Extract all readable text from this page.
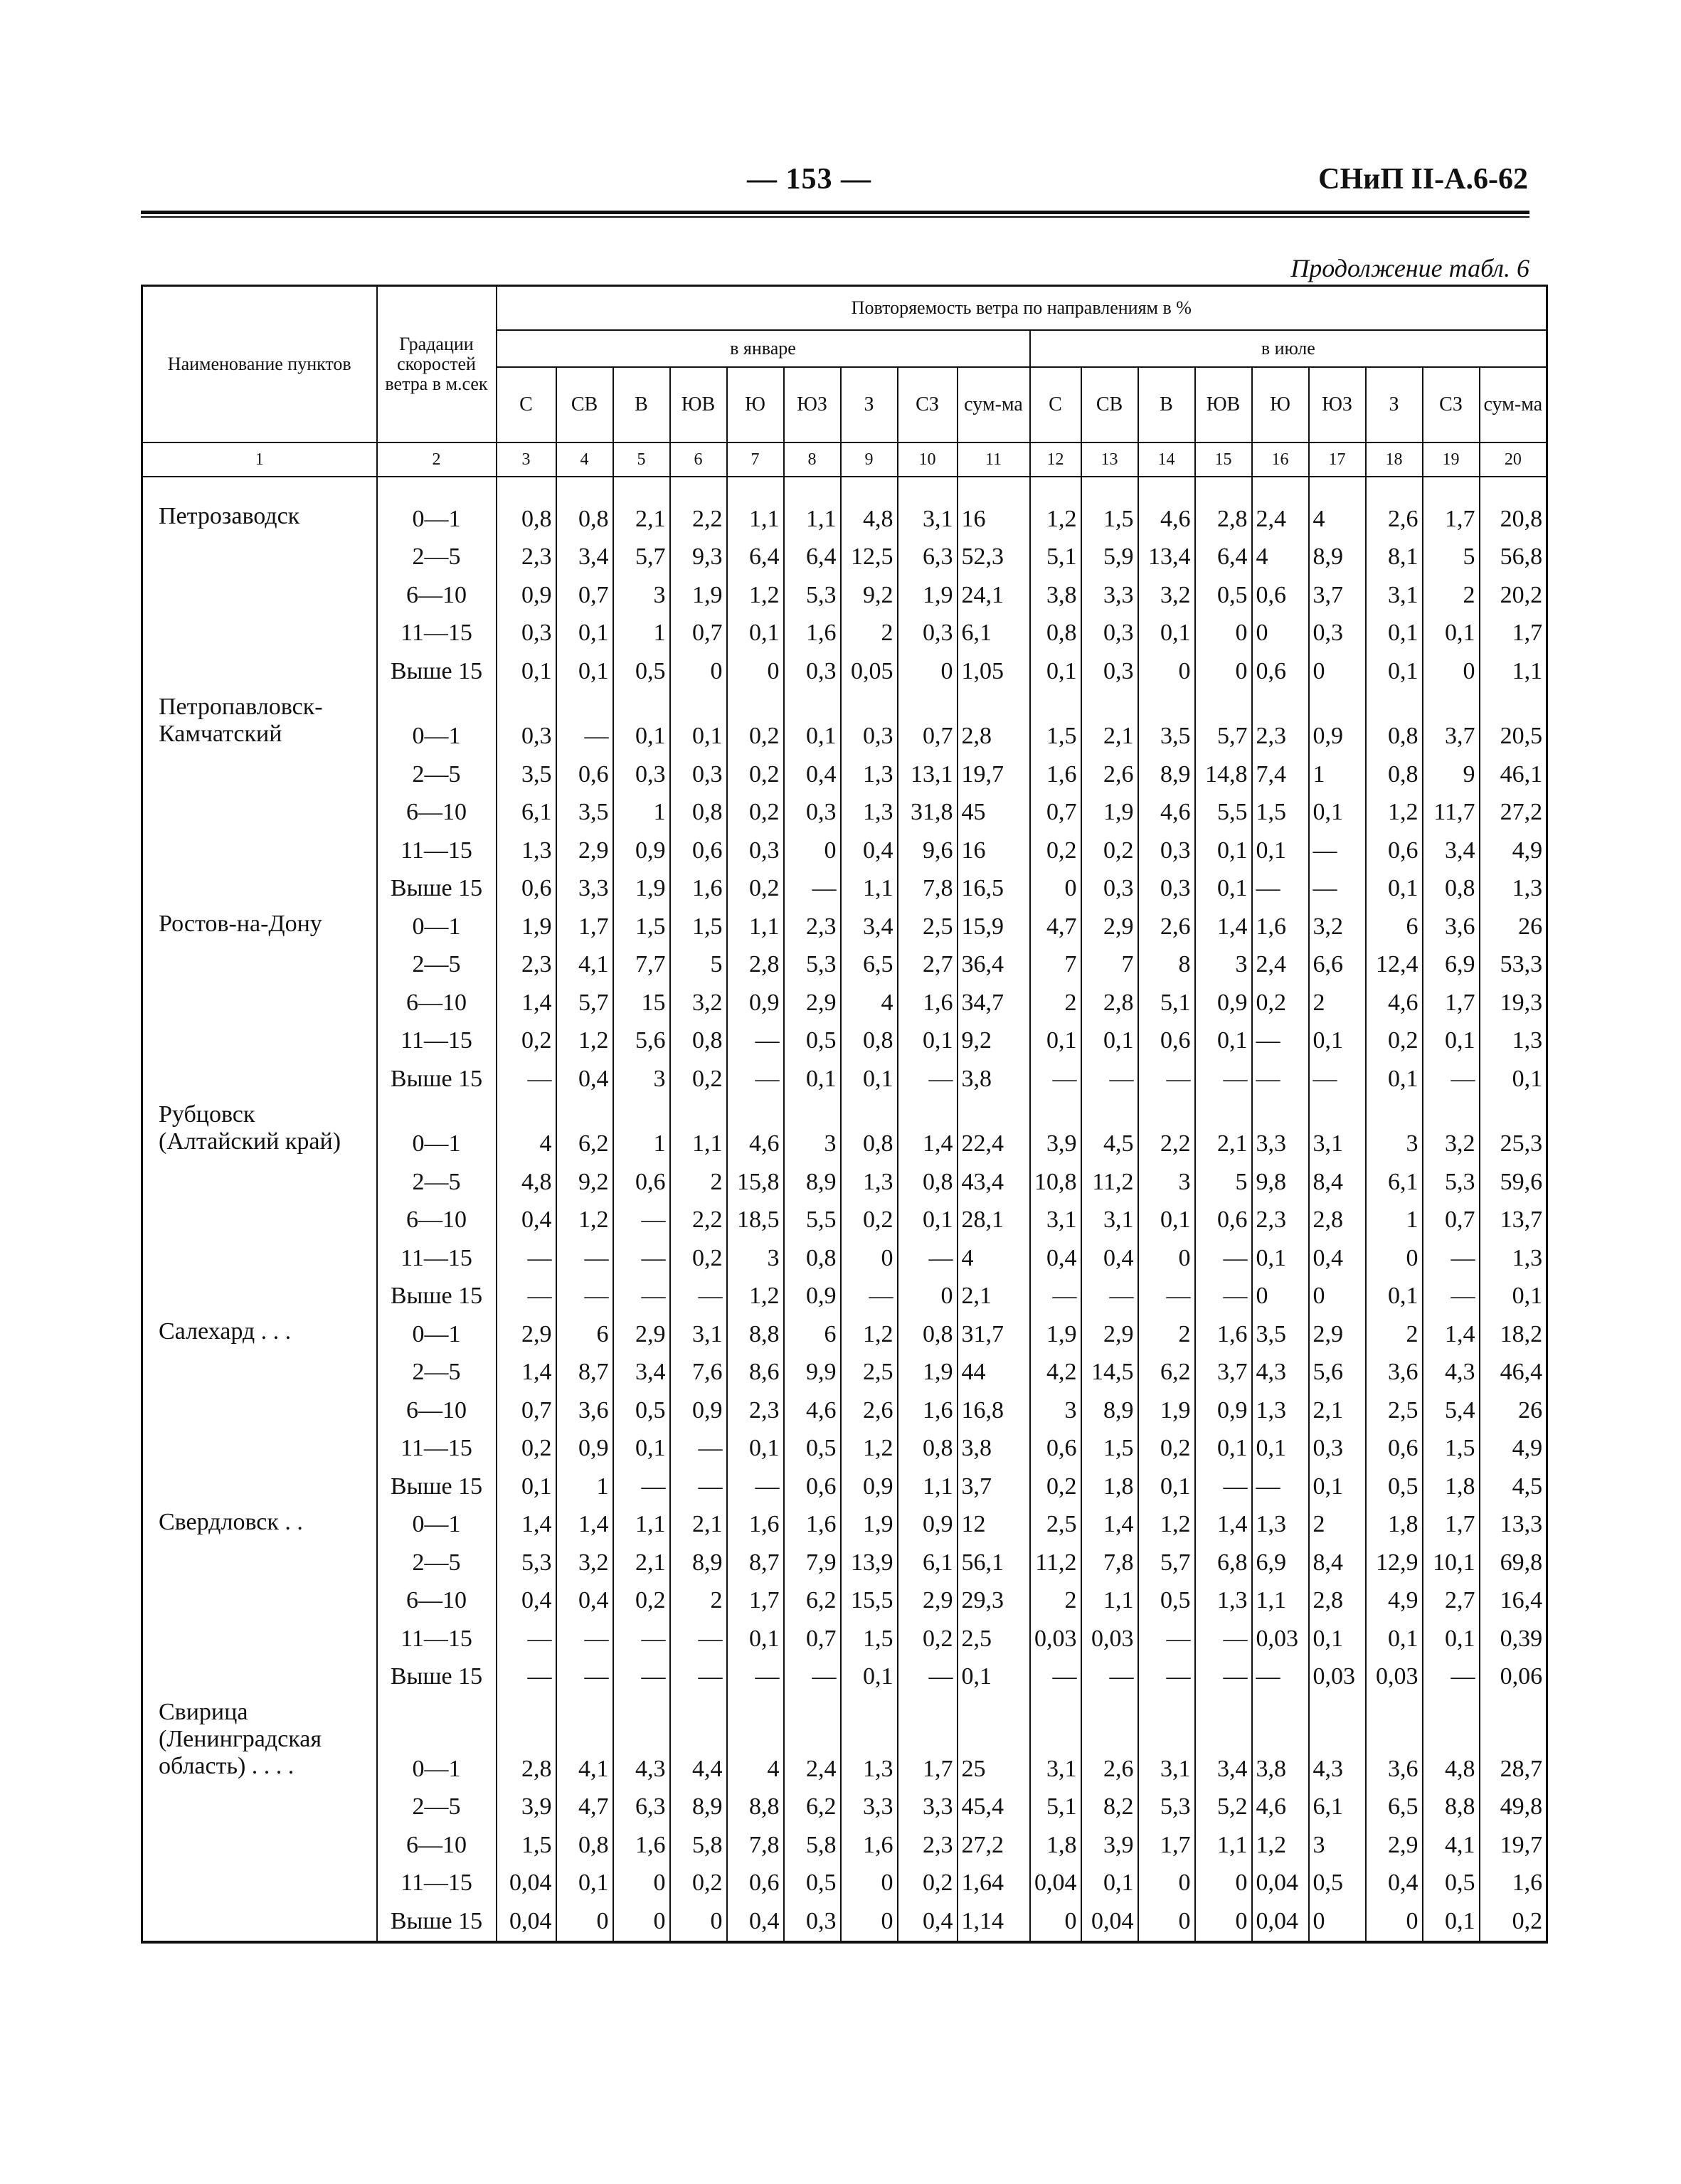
— 153 —	СНиП II-А.6-62
Продолжение табл. 6
Наименование пунктов	Градации скоростей ветра в м.сек	Повторяемость ветра по направлениям в %																	
		в январе									в июле								
		С	СВ	В	ЮВ	Ю	ЮЗ	З	СЗ	сум-ма	С	СВ	В	ЮВ	Ю	ЮЗ	З	СЗ	сум-ма
1	2	3	4	5	6	7	8	9	10	11	12	13	14	15	16	17	18	19	20

Петрозаводск	0—1	0,8	0,8	2,1	2,2	1,1	1,1	4,8	3,1	16	1,2	1,5	4,6	2,8	2,4	4	2,6	1,7	20,8
	2—5	2,3	3,4	5,7	9,3	6,4	6,4	12,5	6,3	52,3	5,1	5,9	13,4	6,4	4	8,9	8,1	5	56,8
	6—10	0,9	0,7	3	1,9	1,2	5,3	9,2	1,9	24,1	3,8	3,3	3,2	0,5	0,6	3,7	3,1	2	20,2
	11—15	0,3	0,1	1	0,7	0,1	1,6	2	0,3	6,1	0,8	0,3	0,1	0	0	0,3	0,1	0,1	1,7
	Выше 15	0,1	0,1	0,5	0	0	0,3	0,05	0	1,05	0,1	0,3	0	0	0,6	0	0,1	0	1,1
Петропавловск-Камчатский																			
	0—1	0,3	—	0,1	0,1	0,2	0,1	0,3	0,7	2,8	1,5	2,1	3,5	5,7	2,3	0,9	0,8	3,7	20,5
	2—5	3,5	0,6	0,3	0,3	0,2	0,4	1,3	13,1	19,7	1,6	2,6	8,9	14,8	7,4	1	0,8	9	46,1
	6—10	6,1	3,5	1	0,8	0,2	0,3	1,3	31,8	45	0,7	1,9	4,6	5,5	1,5	0,1	1,2	11,7	27,2
	11—15	1,3	2,9	0,9	0,6	0,3	0	0,4	9,6	16	0,2	0,2	0,3	0,1	0,1	—	0,6	3,4	4,9
	Выше 15	0,6	3,3	1,9	1,6	0,2	—	1,1	7,8	16,5	0	0,3	0,3	0,1	—	—	0,1	0,8	1,3
Ростов-на-Дону	0—1	1,9	1,7	1,5	1,5	1,1	2,3	3,4	2,5	15,9	4,7	2,9	2,6	1,4	1,6	3,2	6	3,6	26
	2—5	2,3	4,1	7,7	5	2,8	5,3	6,5	2,7	36,4	7	7	8	3	2,4	6,6	12,4	6,9	53,3
	6—10	1,4	5,7	15	3,2	0,9	2,9	4	1,6	34,7	2	2,8	5,1	0,9	0,2	2	4,6	1,7	19,3
	11—15	0,2	1,2	5,6	0,8	—	0,5	0,8	0,1	9,2	0,1	0,1	0,6	0,1	—	0,1	0,2	0,1	1,3
	Выше 15	—	0,4	3	0,2	—	0,1	0,1	—	3,8	—	—	—	—	—	—	0,1	—	0,1
Рубцовск (Алтайский край)																			
	0—1	4	6,2	1	1,1	4,6	3	0,8	1,4	22,4	3,9	4,5	2,2	2,1	3,3	3,1	3	3,2	25,3
	2—5	4,8	9,2	0,6	2	15,8	8,9	1,3	0,8	43,4	10,8	11,2	3	5	9,8	8,4	6,1	5,3	59,6
	6—10	0,4	1,2	—	2,2	18,5	5,5	0,2	0,1	28,1	3,1	3,1	0,1	0,6	2,3	2,8	1	0,7	13,7
	11—15	—	—	—	0,2	3	0,8	0	—	4	0,4	0,4	0	—	0,1	0,4	0	—	1,3
	Выше 15	—	—	—	—	1,2	0,9	—	0	2,1	—	—	—	—	0	0	0,1	—	0,1
Салехард . . .	0—1	2,9	6	2,9	3,1	8,8	6	1,2	0,8	31,7	1,9	2,9	2	1,6	3,5	2,9	2	1,4	18,2
	2—5	1,4	8,7	3,4	7,6	8,6	9,9	2,5	1,9	44	4,2	14,5	6,2	3,7	4,3	5,6	3,6	4,3	46,4
	6—10	0,7	3,6	0,5	0,9	2,3	4,6	2,6	1,6	16,8	3	8,9	1,9	0,9	1,3	2,1	2,5	5,4	26
	11—15	0,2	0,9	0,1	—	0,1	0,5	1,2	0,8	3,8	0,6	1,5	0,2	0,1	0,1	0,3	0,6	1,5	4,9
	Выше 15	0,1	1	—	—	—	0,6	0,9	1,1	3,7	0,2	1,8	0,1	—	—	0,1	0,5	1,8	4,5
Свердловск . .	0—1	1,4	1,4	1,1	2,1	1,6	1,6	1,9	0,9	12	2,5	1,4	1,2	1,4	1,3	2	1,8	1,7	13,3
	2—5	5,3	3,2	2,1	8,9	8,7	7,9	13,9	6,1	56,1	11,2	7,8	5,7	6,8	6,9	8,4	12,9	10,1	69,8
	6—10	0,4	0,4	0,2	2	1,7	6,2	15,5	2,9	29,3	2	1,1	0,5	1,3	1,1	2,8	4,9	2,7	16,4
	11—15	—	—	—	—	0,1	0,7	1,5	0,2	2,5	0,03	0,03	—	—	0,03	0,1	0,1	0,1	0,39
	Выше 15	—	—	—	—	—	—	0,1	—	0,1	—	—	—	—	—	0,03	0,03	—	0,06
Свирица (Ленинградская область) . . . .																			

	0—1	2,8	4,1	4,3	4,4	4	2,4	1,3	1,7	25	3,1	2,6	3,1	3,4	3,8	4,3	3,6	4,8	28,7
	2—5	3,9	4,7	6,3	8,9	8,8	6,2	3,3	3,3	45,4	5,1	8,2	5,3	5,2	4,6	6,1	6,5	8,8	49,8
	6—10	1,5	0,8	1,6	5,8	7,8	5,8	1,6	2,3	27,2	1,8	3,9	1,7	1,1	1,2	3	2,9	4,1	19,7
	11—15	0,04	0,1	0	0,2	0,6	0,5	0	0,2	1,64	0,04	0,1	0	0	0,04	0,5	0,4	0,5	1,6
	Выше 15	0,04	0	0	0	0,4	0,3	0	0,4	1,14	0	0,04	0	0	0,04	0	0	0,1	0,2
